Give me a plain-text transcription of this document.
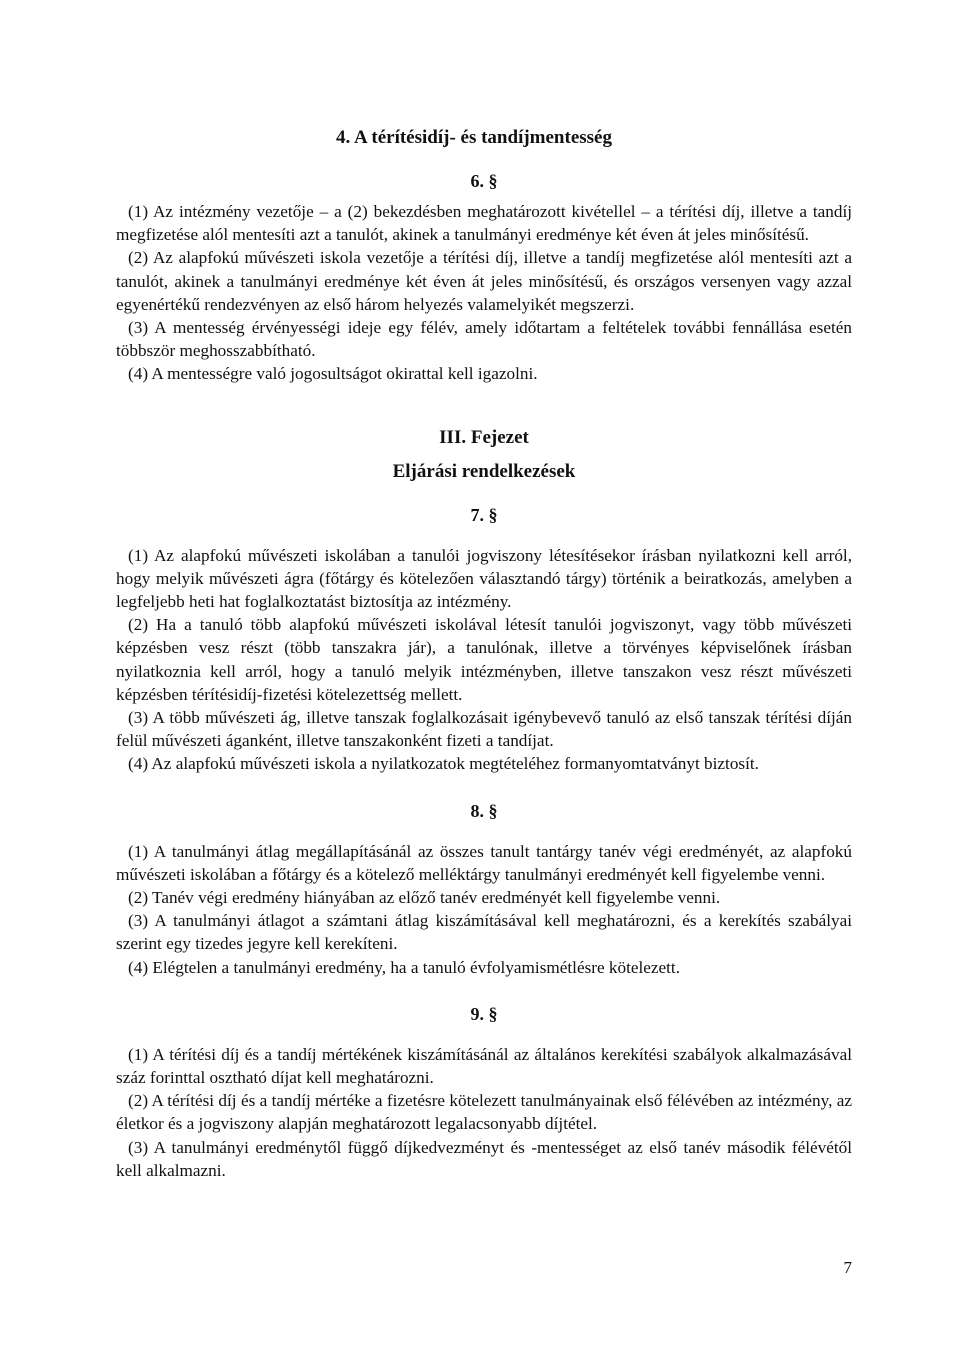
4. A térítésidíj- és tandíjmentesség
6. §

(1) Az intézmény vezetője – a (2) bekezdésben meghatározott kivétellel – a térítési díj, illetve a tandíj megfizetése alól mentesíti azt a tanulót, akinek a tanulmányi eredménye két éven át jeles minősítésű.

(2) Az alapfokú művészeti iskola vezetője a térítési díj, illetve a tandíj megfizetése alól mentesíti azt a tanulót, akinek a tanulmányi eredménye két éven át jeles minősítésű, és országos versenyen vagy azzal egyenértékű rendezvényen az első három helyezés valamelyikét megszerzi.

(3) A mentesség érvényességi ideje egy félév, amely időtartam a feltételek további fennállása esetén többször meghosszabbítható.

(4) A mentességre való jogosultságot okirattal kell igazolni.

III. Fejezet
Eljárási rendelkezések
7. §

(1) Az alapfokú művészeti iskolában a tanulói jogviszony létesítésekor írásban nyilatkozni kell arról, hogy melyik művészeti ágra (főtárgy és kötelezően választandó tárgy) történik a beiratkozás, amelyben a legfeljebb heti hat foglalkoztatást biztosítja az intézmény.

(2) Ha a tanuló több alapfokú művészeti iskolával létesít tanulói jogviszonyt, vagy több művészeti képzésben vesz részt (több tanszakra jár), a tanulónak, illetve a törvényes képviselőnek írásban nyilatkoznia kell arról, hogy a tanuló melyik intézményben, illetve tanszakon vesz részt művészeti képzésben térítésidíj-fizetési kötelezettség mellett.

(3) A több művészeti ág, illetve tanszak foglalkozásait igénybevevő tanuló az első tanszak térítési díján felül művészeti áganként, illetve tanszakonként fizeti a tandíjat.

(4) Az alapfokú művészeti iskola a nyilatkozatok megtételéhez formanyomtatványt biztosít.

8. §

(1) A tanulmányi átlag megállapításánál az összes tanult tantárgy tanév végi eredményét, az alapfokú művészeti iskolában a főtárgy és a kötelező melléktárgy tanulmányi eredményét kell figyelembe venni.

(2) Tanév végi eredmény hiányában az előző tanév eredményét kell figyelembe venni.

(3) A tanulmányi átlagot a számtani átlag kiszámításával kell meghatározni, és a kerekítés szabályai szerint egy tizedes jegyre kell kerekíteni.

(4) Elégtelen a tanulmányi eredmény, ha a tanuló évfolyamismétlésre kötelezett.

9. §

(1) A térítési díj és a tandíj mértékének kiszámításánál az általános kerekítési szabályok alkalmazásával száz forinttal osztható díjat kell meghatározni.

(2) A térítési díj és a tandíj mértéke a fizetésre kötelezett tanulmányainak első félévében az intézmény, az életkor és a jogviszony alapján meghatározott legalacsonyabb díjtétel.

(3) A tanulmányi eredménytől függő díjkedvezményt és -mentességet az első tanév második félévétől kell alkalmazni.

7
